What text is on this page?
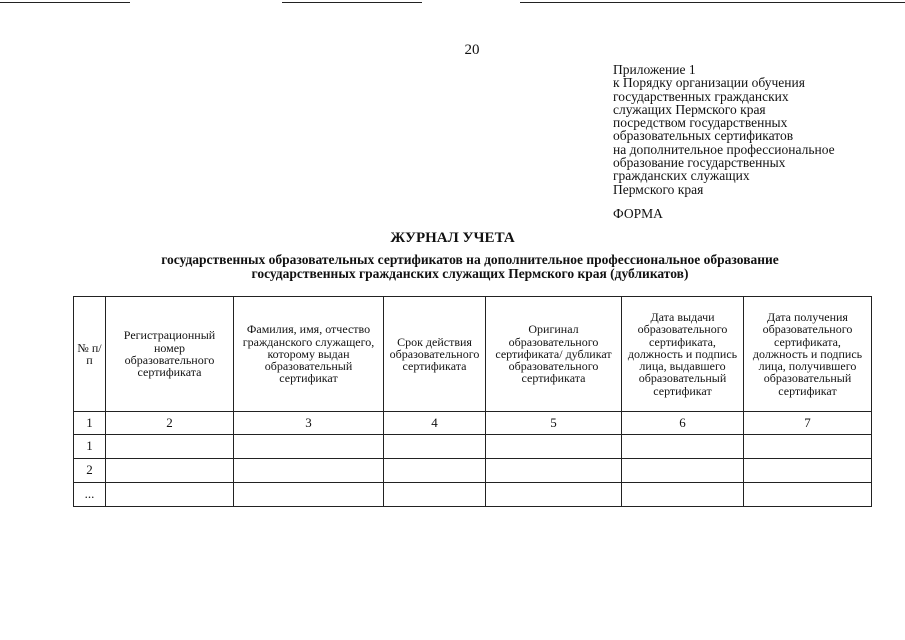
20
Приложение 1
к Порядку организации обучения
государственных гражданских
служащих Пермского края
посредством государственных
образовательных сертификатов
на дополнительное профессиональное
образование государственных
гражданских служащих
Пермского края
ФОРМА
ЖУРНАЛ УЧЕТА
государственных образовательных сертификатов на дополнительное профессиональное образование
государственных гражданских служащих Пермского края (дубликатов)
№ п/п	Регистрационный номер образовательного сертификата	Фамилия, имя, отчество гражданского служащего, которому выдан образовательный сертификат	Срок действия образовательного сертификата	Оригинал образовательного сертификата/ дубликат образовательного сертификата	Дата выдачи образовательного сертификата, должность и подпись лица, выдавшего образовательный сертификат	Дата получения образовательного сертификата, должность и подпись лица, получившего образовательный сертификат
1	2	3	4	5	6	7
1						
2						
...						
